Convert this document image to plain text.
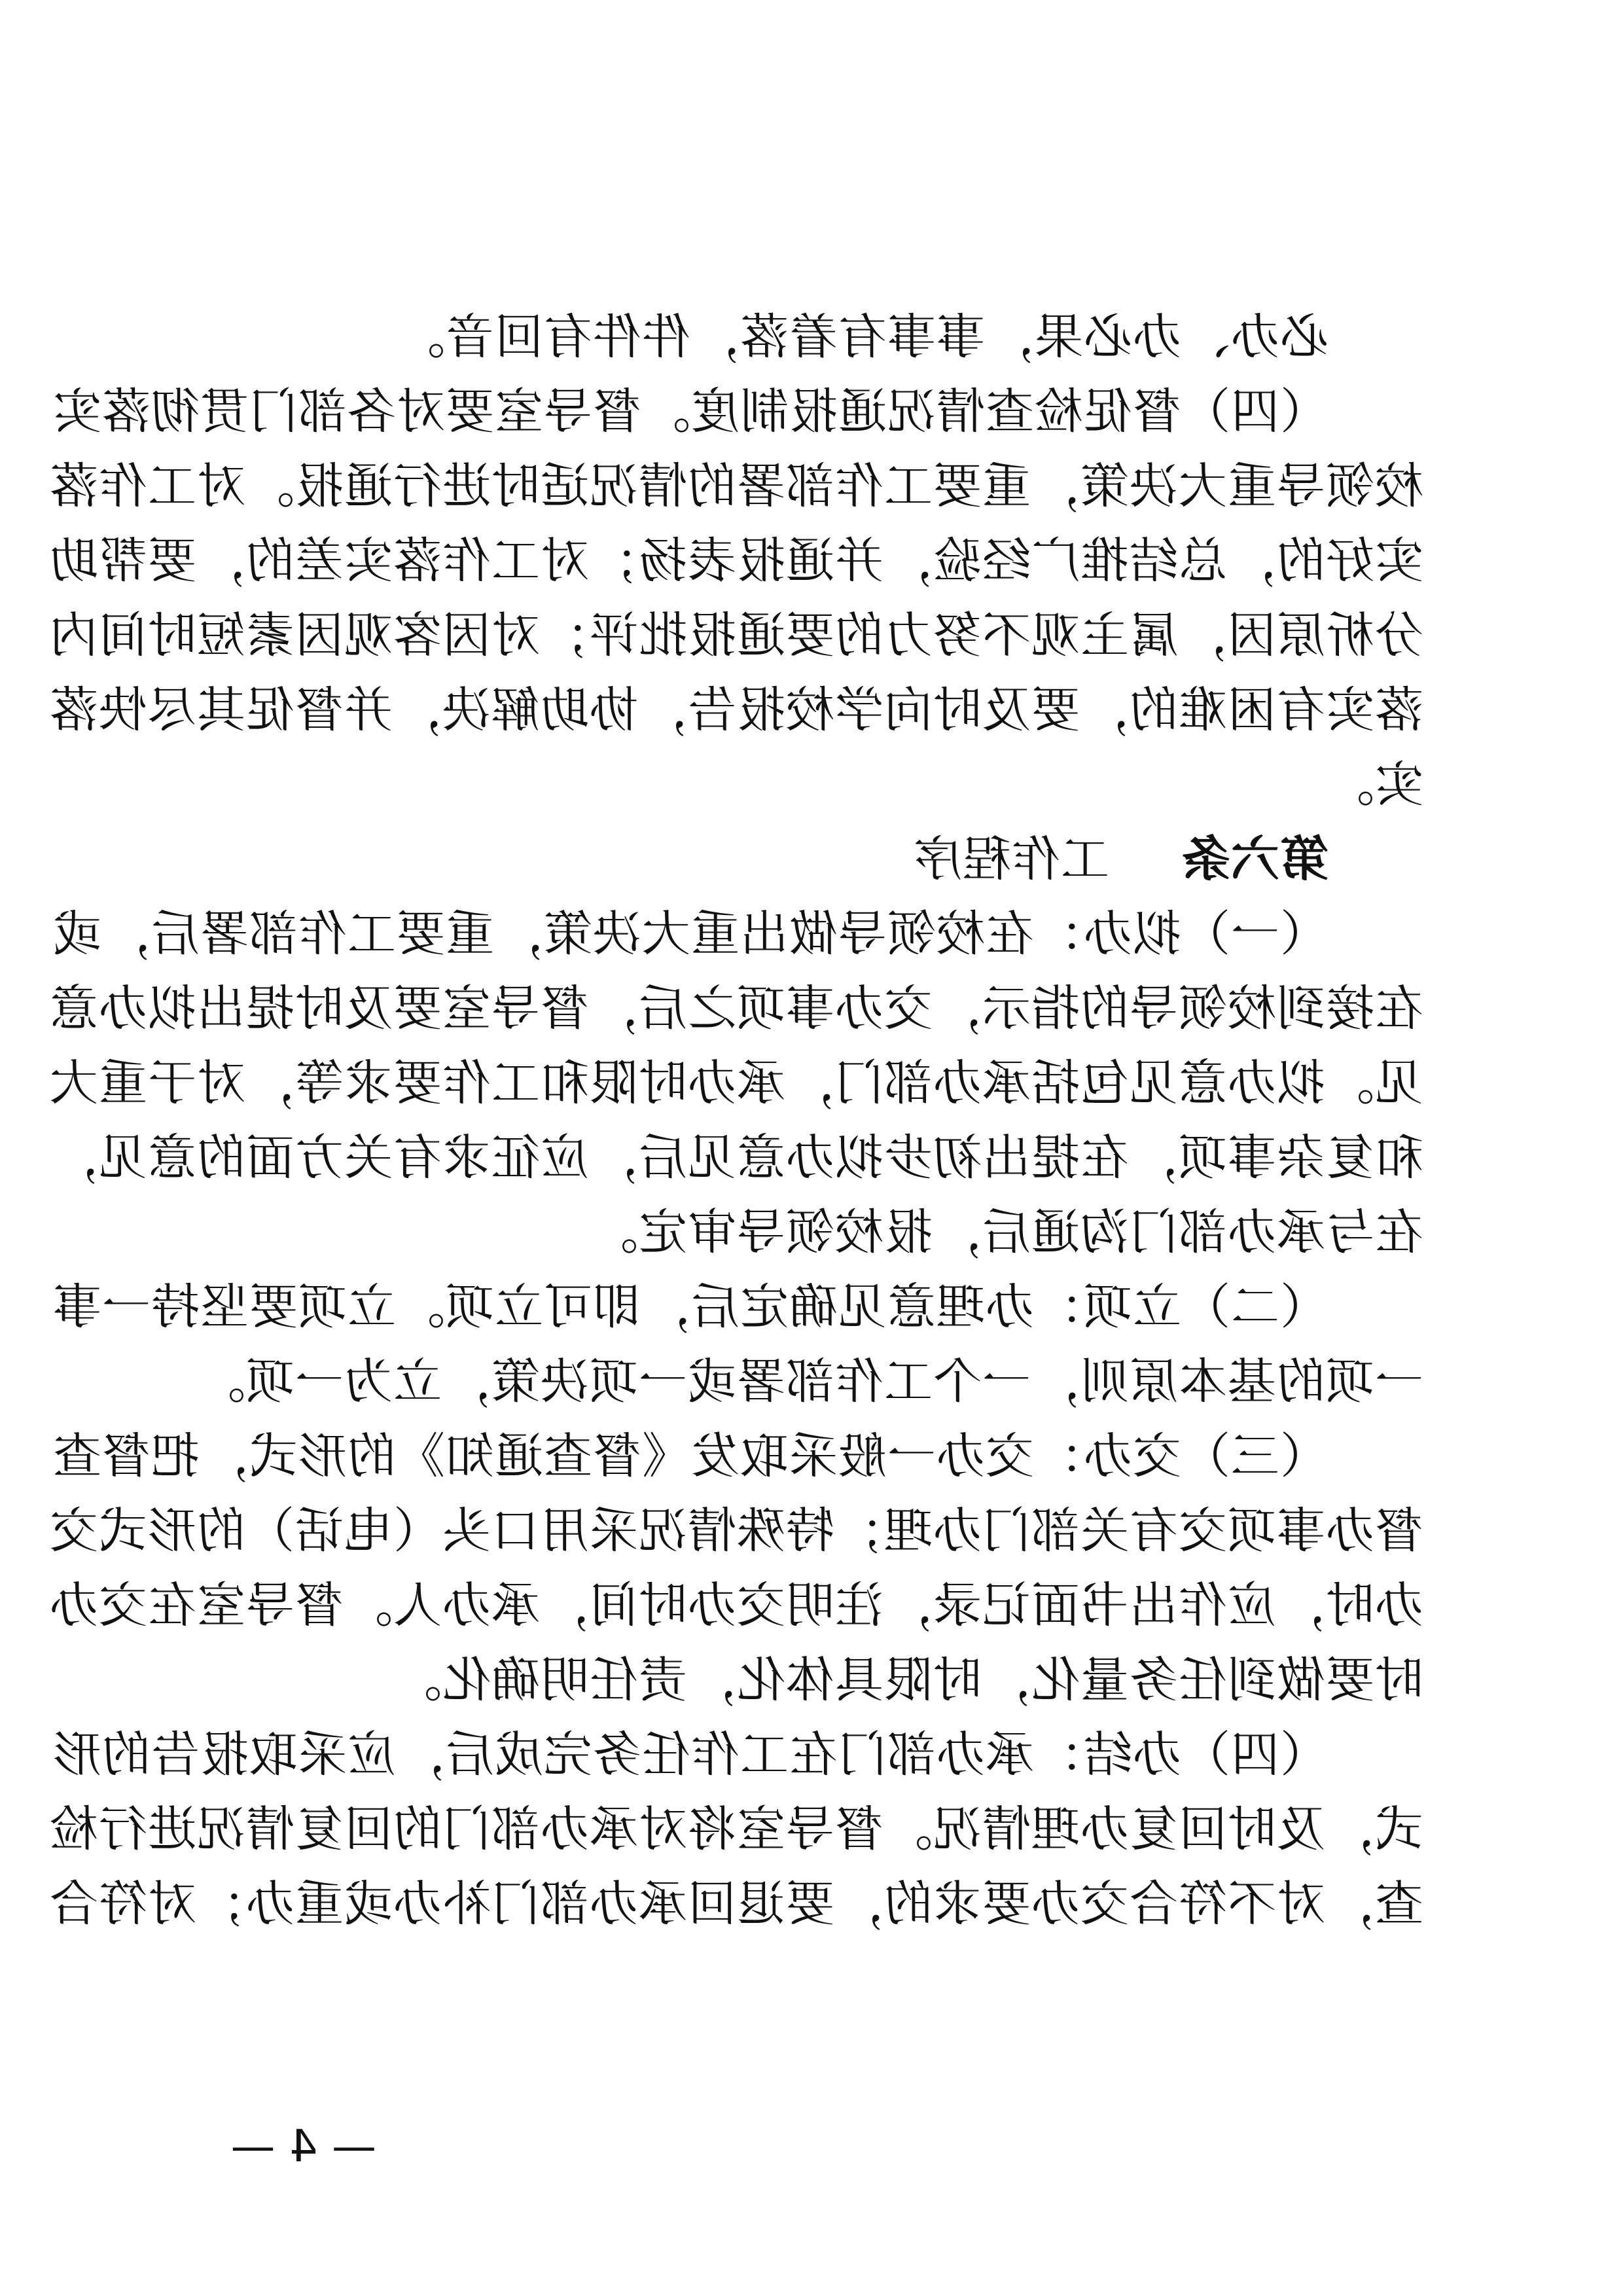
必办、办必果，事事有着落，件件有回音。
（四）督促检查情况通报制度。督导室要对各部门贯彻落实
校领导重大决策，重要工作部署的情况适时进行通报。对工作落
实好的，总结推广经验，并通报表扬；对工作落实差的，要帮助
分析原因，属主观不努力的要通报批评；对因客观因素短时间内
落实有困难的，要及时向学校报告，协助解决，并督促其尽快落
实。
第六条工作程序
（一）拟办：在校领导做出重大决策，重要工作部署后，或
在接到校领导的指示，交办事项之后，督导室要及时提出拟办意
见。拟办意见包括承办部门，承办时限和工作要求等，对于重大
和复杂事项，在提出初步拟办意见后，应征求有关方面的意见，
在与承办部门沟通后，报校领导审定。
（二）立项：办理意见确定后，即可立项。立项要坚持一事
一项的基本原则，一个工作部署或一项决策，立为一项。
（三）交办：交办一般采取发《督查通知》的形式，把督查
督办事项交有关部门办理；特殊情况采用口头（电话）的形式交
办时，应作出书面记录，注明交办时间，承办人。督导室在交办
时要做到任务量化，时限具体化，责任明确化。
（四）办结：承办部门在工作任务完成后，应采取报告的形
式，及时回复办理情况。督导室将对承办部门的回复情况进行检
查，对不符合交办要求的，要退回承办部门补办或重办；对符合
— 4 —
